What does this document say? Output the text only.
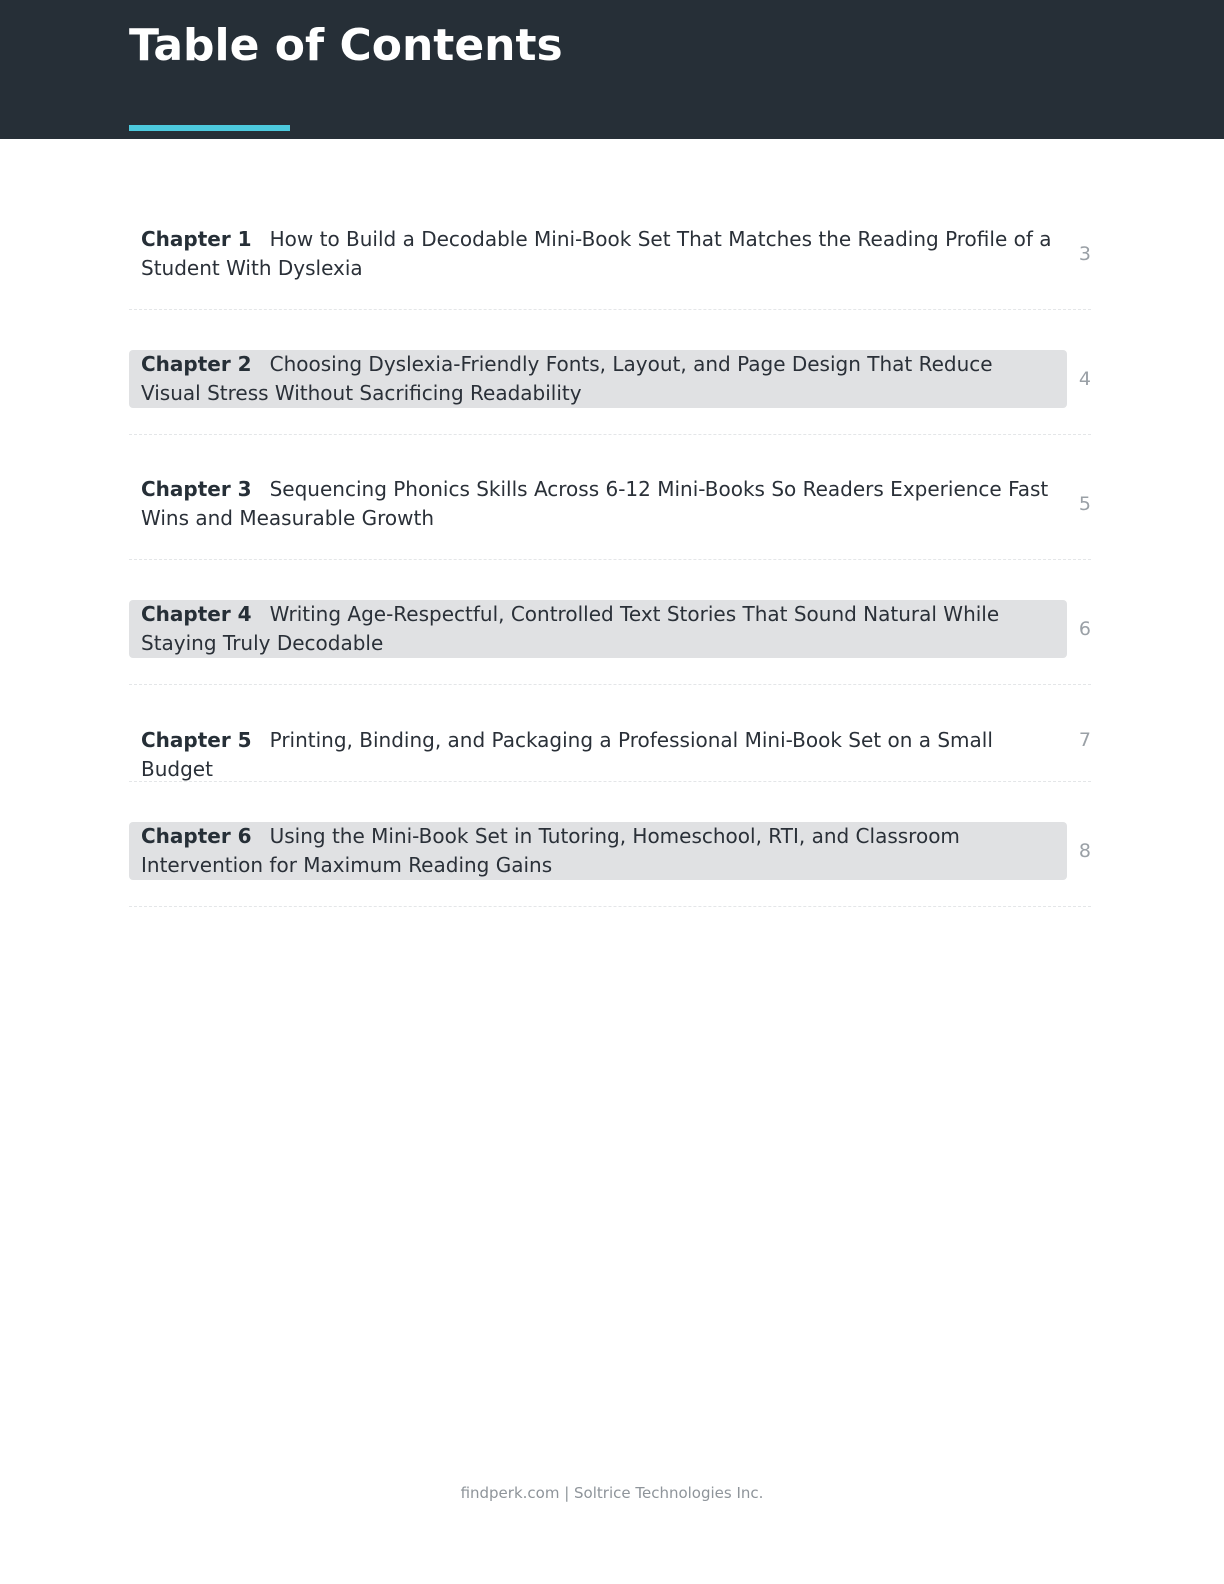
Table of Contents
Chapter 1 How to Build a Decodable Mini-Book Set That Matches the Reading Profile of a Student With Dyslexia
3
Chapter 2 Choosing Dyslexia-Friendly Fonts, Layout, and Page Design That Reduce Visual Stress Without Sacrificing Readability
4
Chapter 3 Sequencing Phonics Skills Across 6-12 Mini-Books So Readers Experience Fast Wins and Measurable Growth
5
Chapter 4 Writing Age-Respectful, Controlled Text Stories That Sound Natural While Staying Truly Decodable
6
Chapter 5 Printing, Binding, and Packaging a Professional Mini-Book Set on a Small Budget
7
Chapter 6 Using the Mini-Book Set in Tutoring, Homeschool, RTI, and Classroom Intervention for Maximum Reading Gains
8
findperk.com | Soltrice Technologies Inc.
